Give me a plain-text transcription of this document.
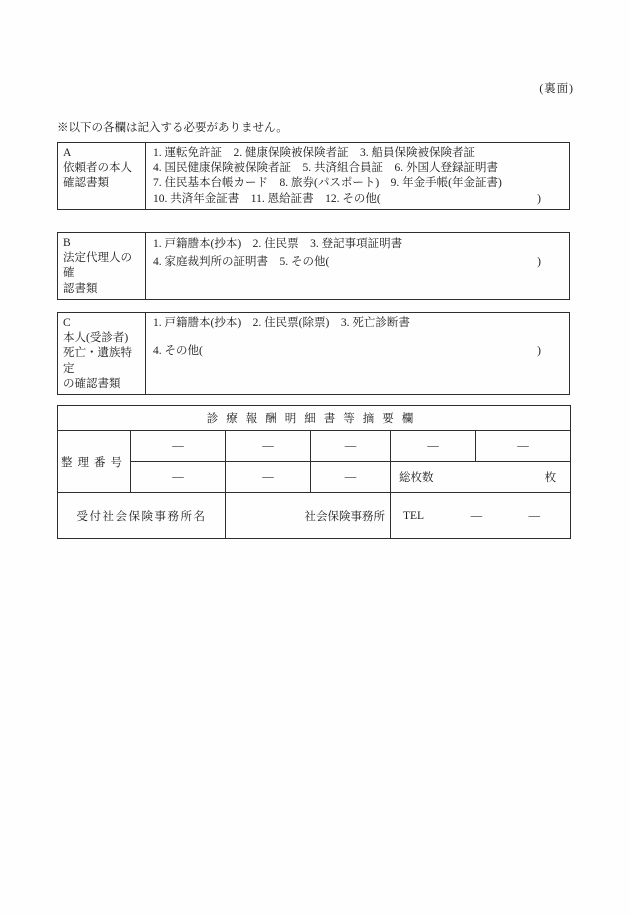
(裏面)
※以下の各欄は記入する必要がありません。
A
依頼者の本人
確認書類

1. 運転免許証　2. 健康保険被保険者証　3. 船員保険被保険者証
4. 国民健康保険被保険者証　5. 共済組合員証　6. 外国人登録証明書
7. 住民基本台帳カード　8. 旅券(パスポート)　9. 年金手帳(年金証書)
10. 共済年金証書　11. 恩給証書　12. その他(	)
B
法定代理人の確
認書類

1. 戸籍謄本(抄本)　2. 住民票　3. 登記事項証明書
4. 家庭裁判所の証明書　5. その他(	)
C
本人(受診者)
死亡・遺族特定
の確認書類

1. 戸籍謄本(抄本)　2. 住民票(除票)　3. 死亡診断書
4. その他(	)
診療報酬明細書等摘要欄					
整理番号	—	—	—	—	—
	—	—	—	総枚数 枚	

受付社会保険事務所名		社会保険事務所		TEL — —	
